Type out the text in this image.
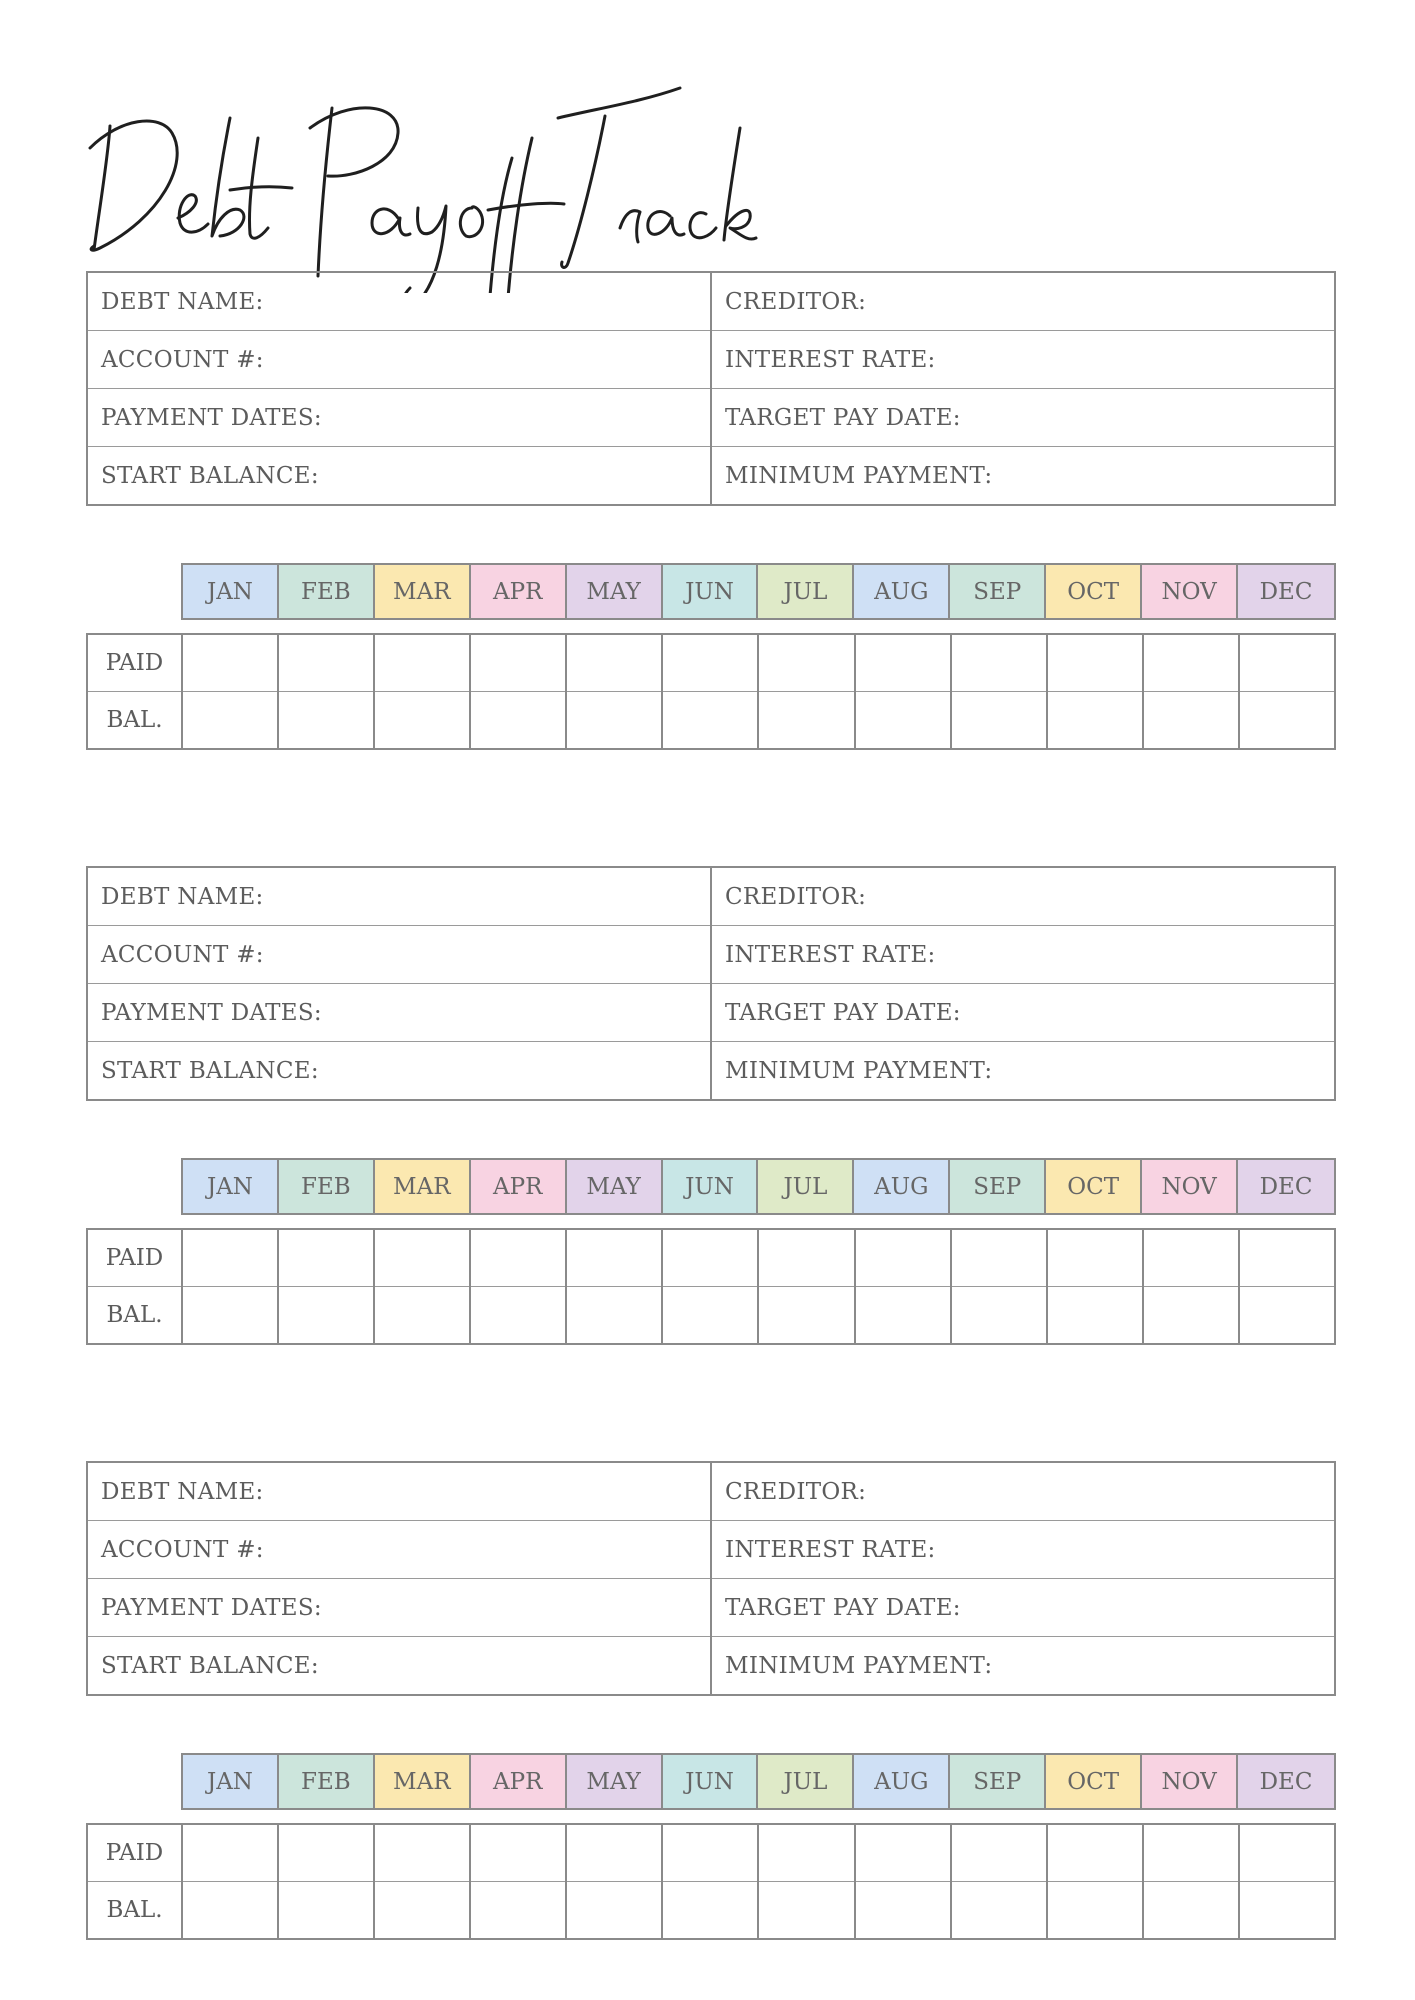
DEBT NAME:	CREDITOR:
ACCOUNT #:	INTEREST RATE:
PAYMENT DATES:	TARGET PAY DATE:
START BALANCE:	MINIMUM PAYMENT:
JAN	FEB	MAR	APR	MAY	JUN	JUL	AUG	SEP	OCT	NOV	DEC
PAID												
BAL.												
DEBT NAME:	CREDITOR:
ACCOUNT #:	INTEREST RATE:
PAYMENT DATES:	TARGET PAY DATE:
START BALANCE:	MINIMUM PAYMENT:
JAN	FEB	MAR	APR	MAY	JUN	JUL	AUG	SEP	OCT	NOV	DEC
PAID												
BAL.												
DEBT NAME:	CREDITOR:
ACCOUNT #:	INTEREST RATE:
PAYMENT DATES:	TARGET PAY DATE:
START BALANCE:	MINIMUM PAYMENT:
JAN	FEB	MAR	APR	MAY	JUN	JUL	AUG	SEP	OCT	NOV	DEC
PAID												
BAL.												
